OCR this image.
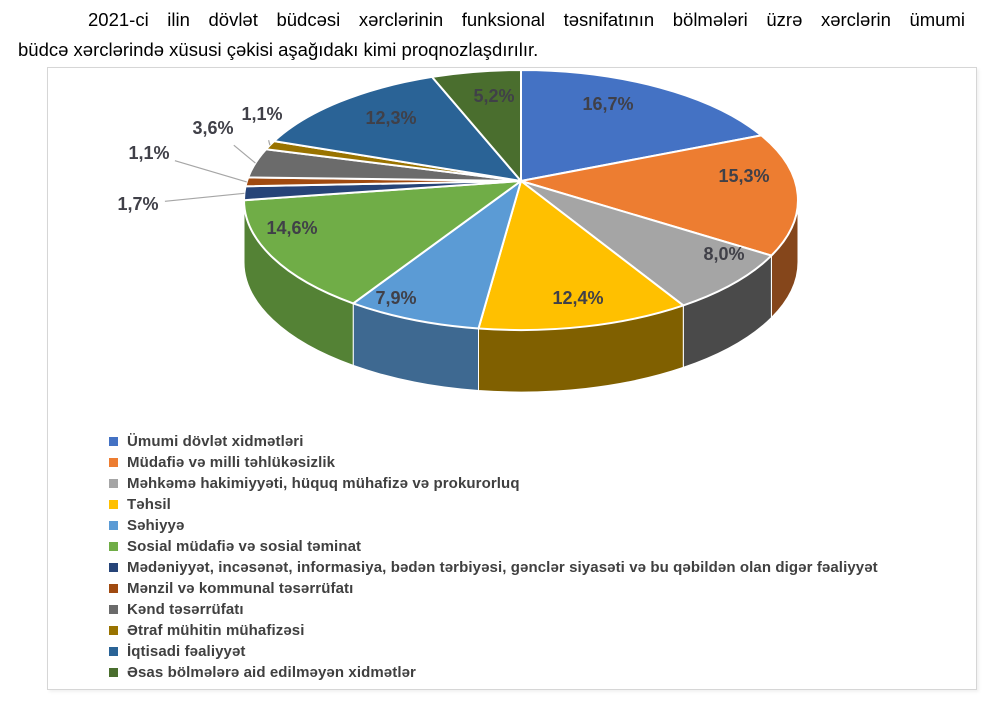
2021-ci ilin dövlət büdcəsi xərclərinin funksional təsnifatının bölmələri üzrə xərclərin ümumi
büdcə xərclərində xüsusi çəkisi aşağıdakı kimi proqnozlaşdırılır.

16,7%
15,3%
8,0%
12,4%
7,9%
14,6%
1,7%
1,1%
3,6%
1,1%	12,3%
5,2%
Ümumi dövlət xidmətləri
Müdafiə və milli təhlükəsizlik
Məhkəmə hakimiyyəti, hüquq mühafizə və prokurorluq
Təhsil
Səhiyyə
Sosial müdafiə və sosial təminat
Mədəniyyət, incəsənət, informasiya, bədən tərbiyəsi, gənclər siyasəti və bu qəbildən olan digər fəaliyyət
Mənzil və kommunal təsərrüfatı
Kənd təsərrüfatı
Ətraf mühitin mühafizəsi
İqtisadi fəaliyyət
Əsas bölmələrə aid edilməyən xidmətlər
